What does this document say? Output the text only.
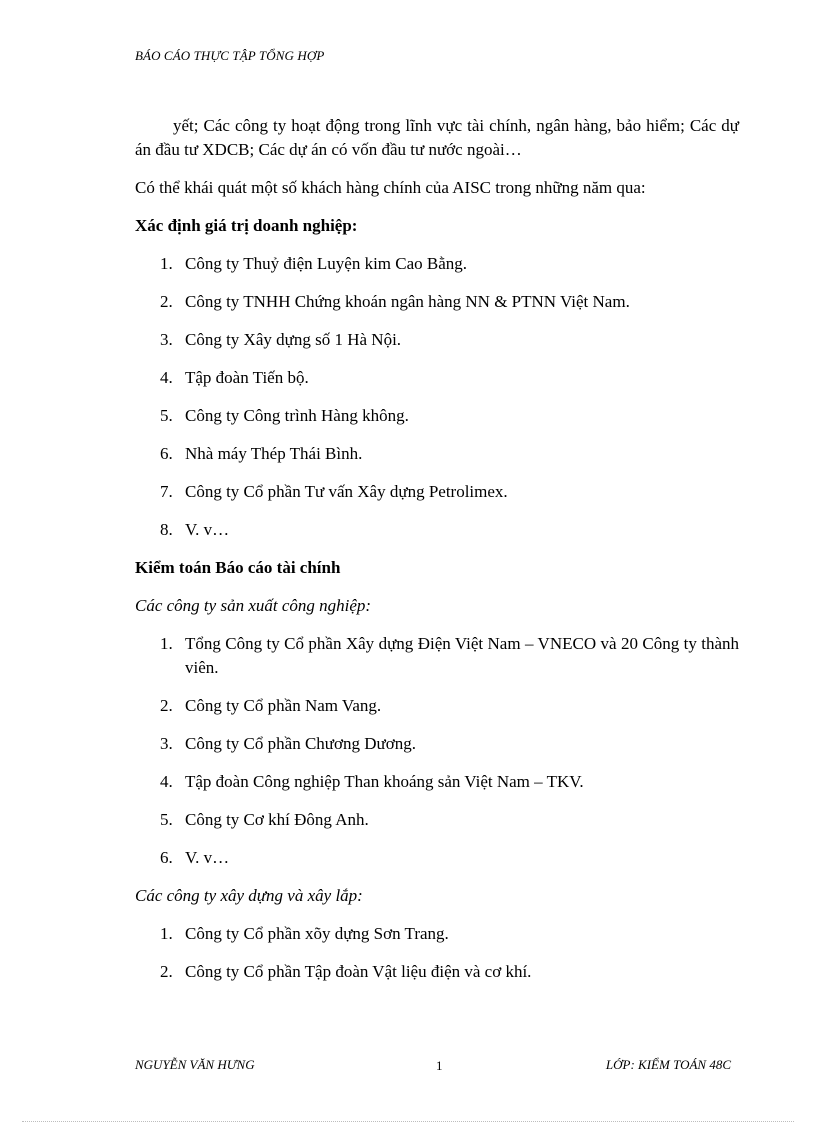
BÁO CÁO THỰC TẬP TỔNG HỢP

yết; Các công ty hoạt động trong lĩnh vực tài chính, ngân hàng, bảo hiểm; Các dự án đầu tư XDCB; Các dự án có vốn đầu tư nước ngoài…

Có thể khái quát một số khách hàng chính của AISC trong những năm qua:

Xác định giá trị doanh nghiệp:

1. Công ty Thuỷ điện Luyện kim Cao Bằng.
2. Công ty TNHH Chứng khoán ngân hàng NN & PTNN Việt Nam.
3. Công ty Xây dựng số 1 Hà Nội.
4. Tập đoàn Tiến bộ.
5. Công ty Công trình Hàng không.
6. Nhà máy Thép Thái Bình.
7. Công ty Cổ phần Tư vấn Xây dựng Petrolimex.
8. V. v…

Kiểm toán Báo cáo tài chính

Các công ty sản xuất công nghiệp:

1. Tổng Công ty Cổ phần Xây dựng Điện Việt Nam – VNECO và 20 Công ty thành viên.
2. Công ty Cổ phần Nam Vang.
3. Công ty Cổ phần Chương Dương.
4. Tập đoàn Công nghiệp Than khoáng sản Việt Nam – TKV.
5. Công ty Cơ khí Đông Anh.
6. V. v…

Các công ty xây dựng và xây lắp:

1. Công ty Cổ phần xõy dựng Sơn Trang.
2. Công ty Cổ phần Tập đoàn Vật liệu điện và cơ khí.
NGUYỄN VĂN HƯNG	1	LỚP: KIỂM TOÁN 48C
